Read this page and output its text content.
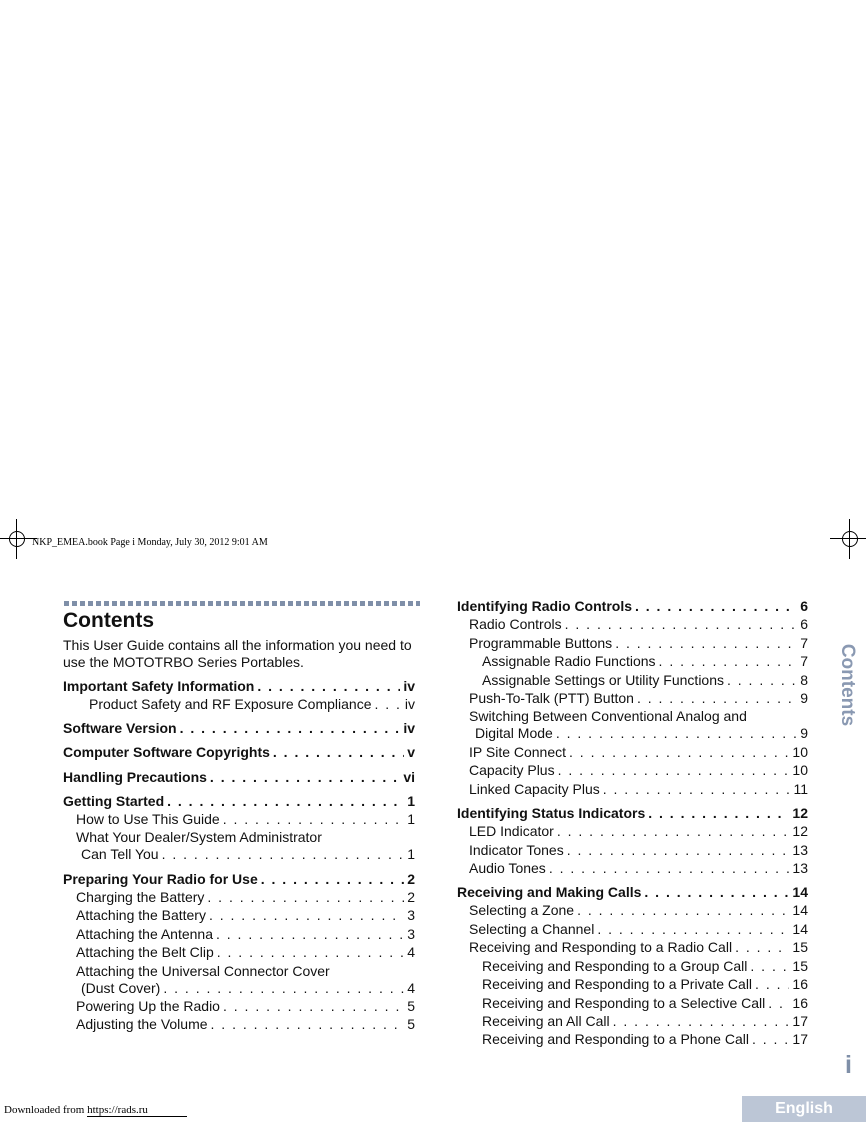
NKP_EMEA.book Page i Monday, July 30, 2012 9:01 AM
Contents
This User Guide contains all the information you need to use the MOTOTRBO Series Portables.
Important Safety Information . . .	iv
Product Safety and RF Exposure Compliance . . . iv
Software Version . . .	iv
Computer Software Copyrights . . .	v
Handling Precautions . . .	vi
Getting Started . . .	1
How to Use This Guide . . .	1
What Your Dealer/System Administrator
Can Tell You . . .	1
Preparing Your Radio for Use . . .	2
Charging the Battery . . .	2
Attaching the Battery . . .	3
Attaching the Antenna . . .	3
Attaching the Belt Clip . . .	4
Attaching the Universal Connector Cover
(Dust Cover) . . .	4
Powering Up the Radio . . .	5
Adjusting the Volume . . .	5
Identifying Radio Controls . . .	6
Radio Controls . . .	6
Programmable Buttons . . .	7
Assignable Radio Functions . . .	7
Assignable Settings or Utility Functions . . .	8
Push-To-Talk (PTT) Button . . .	9
Switching Between Conventional Analog and
Digital Mode . . .	9
IP Site Connect . . .	10
Capacity Plus . . .	10
Linked Capacity Plus . . .	11
Identifying Status Indicators . . .	12
LED Indicator . . .	12
Indicator Tones . . .	13
Audio Tones . . .	13
Receiving and Making Calls . . .	14
Selecting a Zone . . .	14
Selecting a Channel . . .	14
Receiving and Responding to a Radio Call . . .	15
Receiving and Responding to a Group Call . . .	15
Receiving and Responding to a Private Call . . .	16
Receiving and Responding to a Selective Call . . . 16
Receiving an All Call . . .	17
Receiving and Responding to a Phone Call . . .	17
Contents
i
Downloaded from https://rads.ru	English
